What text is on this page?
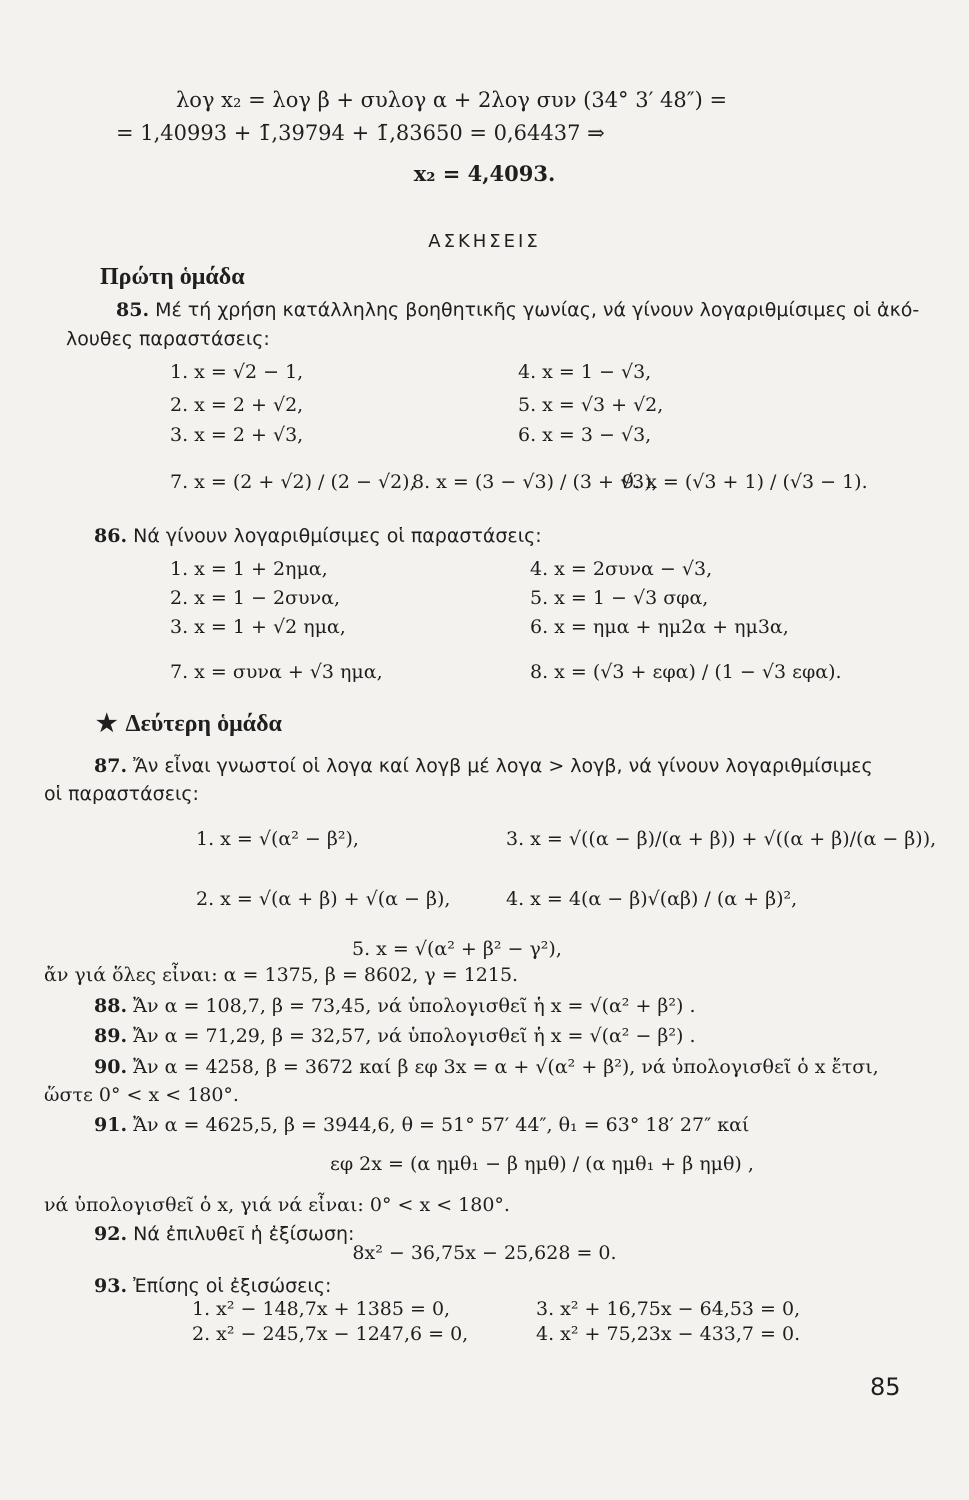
λογ x₂ = λογ β + συλογ α + 2λογ συν (34° 3′ 48″) =
= 1,40993 + 1̄,39794 + 1̄,83650 = 0,64437 ⇒
x₂ = 4,4093.
ΑΣΚΗΣΕΙΣ
Πρώτη ὁμάδα
85. Μέ τή χρήση κατάλληλης βοηθητικῆς γωνίας, νά γίνουν λογαριθμίσιμες οἱ ἀκό-
λουθες παραστάσεις:
1. x = √2 − 1,	4. x = 1 − √3,
2. x = 2 + √2,	5. x = √3 + √2,
3. x = 2 + √3,	6. x = 3 − √3,
7. x = (2 + √2) / (2 − √2),
8. x = (3 − √3) / (3 + √3),
9. x = (√3 + 1) / (√3 − 1).
86. Νά γίνουν λογαριθμίσιμες οἱ παραστάσεις:
1. x = 1 + 2ημα,	4. x = 2συνα − √3,
2. x = 1 − 2συνα,	5. x = 1 − √3 σφα,
3. x = 1 + √2 ημα,	6. x = ημα + ημ2α + ημ3α,
7. x = συνα + √3 ημα,	8. x = (√3 + εφα) / (1 − √3 εφα).
★ Δεύτερη ὁμάδα
87. Ἄν εἶναι γνωστοί οἱ λογα καί λογβ μέ λογα > λογβ, νά γίνουν λογαριθμίσιμες
οἱ παραστάσεις:
1. x = √(α² − β²),	3. x = √((α − β)/(α + β)) + √((α + β)/(α − β)),
2. x = √(α + β) + √(α − β),	4. x = 4(α − β)√(αβ) / (α + β)²,
5. x = √(α² + β² − γ²),
ἄν γιά ὅλες εἶναι: α = 1375, β = 8602, γ = 1215.
88. Ἄν α = 108,7, β = 73,45, νά ὑπολογισθεῖ ἡ x = √(α² + β²) .
89. Ἄν α = 71,29, β = 32,57, νά ὑπολογισθεῖ ἡ x = √(α² − β²) .
90. Ἄν α = 4258, β = 3672 καί β εφ 3x = α + √(α² + β²), νά ὑπολογισθεῖ ὁ x ἔτσι,
ὥστε 0° < x < 180°.
91. Ἄν α = 4625,5, β = 3944,6, θ = 51° 57′ 44″, θ₁ = 63° 18′ 27″ καί
εφ 2x = (α ημθ₁ − β ημθ) / (α ημθ₁ + β ημθ) ,
νά ὑπολογισθεῖ ὁ x, γιά νά εἶναι: 0° < x < 180°.
92. Νά ἐπιλυθεῖ ἡ ἐξίσωση:
8x² − 36,75x − 25,628 = 0.
93. Ἐπίσης οἱ ἐξισώσεις:
1. x² − 148,7x + 1385 = 0,	3. x² + 16,75x − 64,53 = 0,
2. x² − 245,7x − 1247,6 = 0,	4. x² + 75,23x − 433,7 = 0.
85
